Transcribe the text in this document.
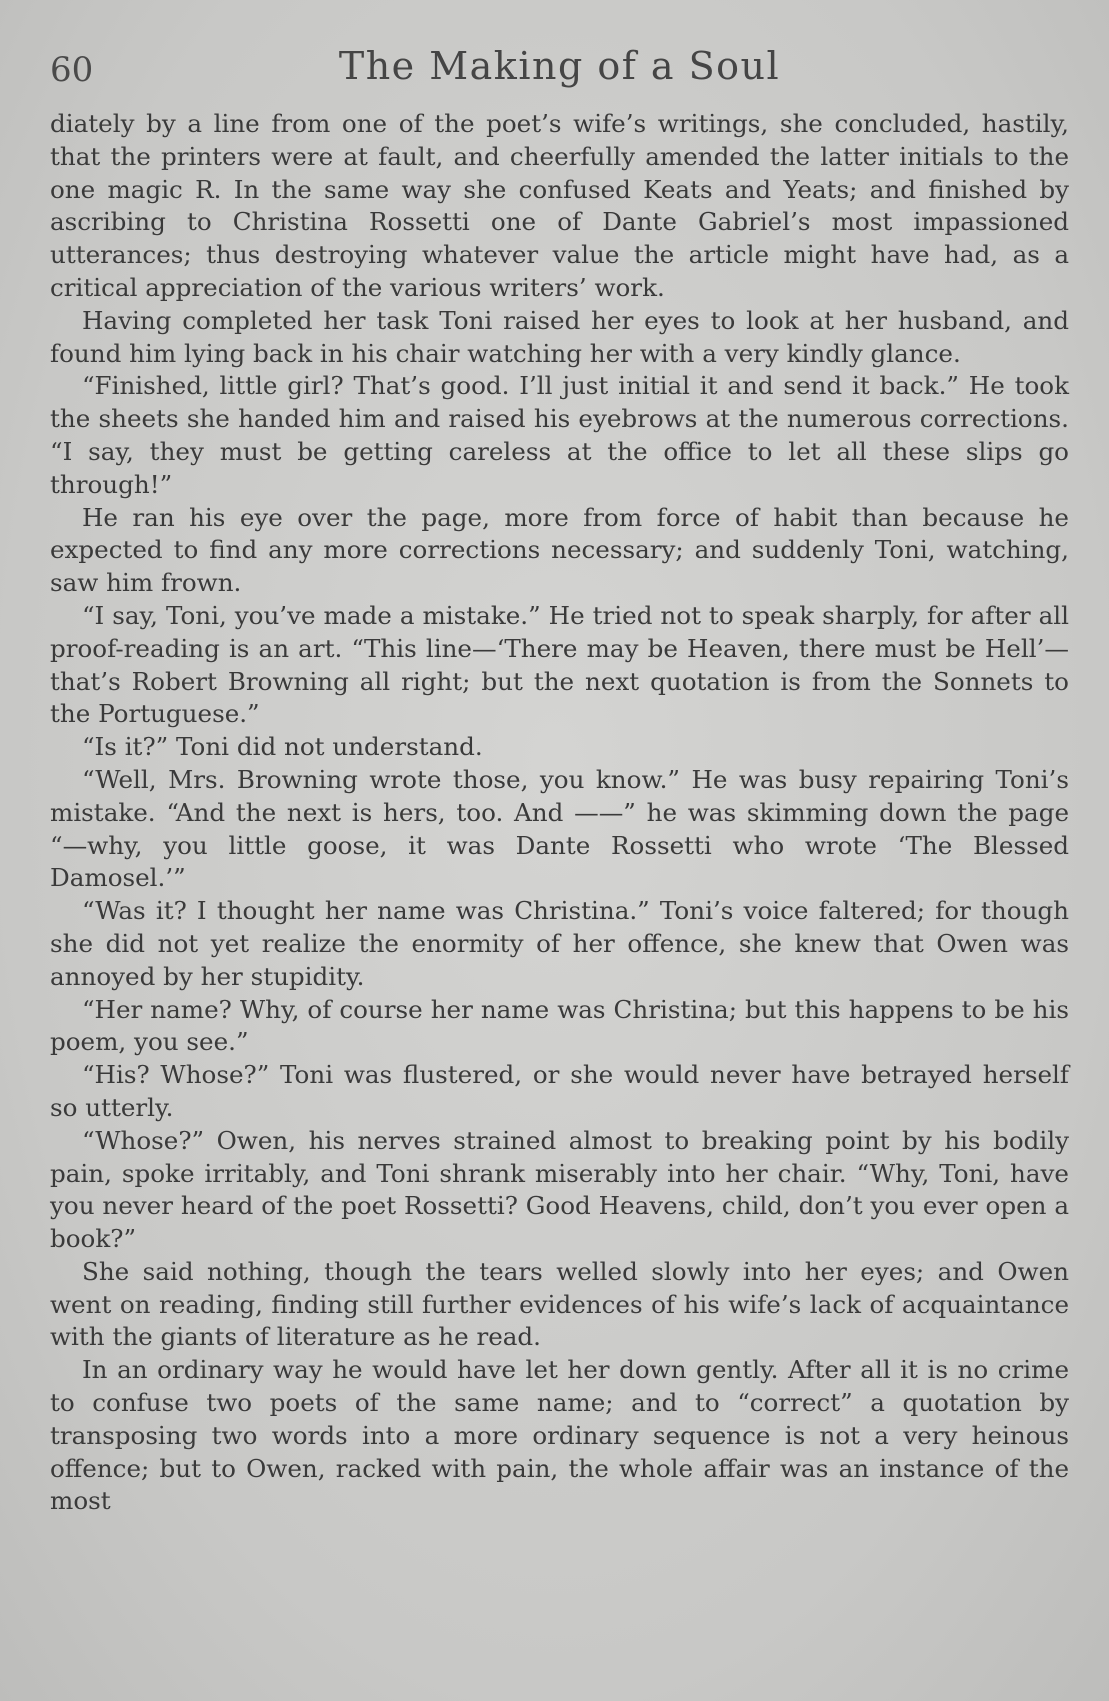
60	The Making of a Soul

diately by a line from one of the poet’s wife’s writings, she concluded, hastily, that the printers were at fault, and cheerfully amended the latter initials to the one magic R. In the same way she confused Keats and Yeats; and finished by ascribing to Christina Rossetti one of Dante Gabriel’s most impassioned utterances; thus destroying whatever value the article might have had, as a critical appreciation of the various writers’ work.

Having completed her task Toni raised her eyes to look at her husband, and found him lying back in his chair watching her with a very kindly glance.

“Finished, little girl? That’s good. I’ll just initial it and send it back.” He took the sheets she handed him and raised his eyebrows at the numerous corrections. “I say, they must be getting careless at the office to let all these slips go through!”

He ran his eye over the page, more from force of habit than because he expected to find any more corrections necessary; and suddenly Toni, watching, saw him frown.

“I say, Toni, you’ve made a mistake.” He tried not to speak sharply, for after all proof-reading is an art. “This line—‘There may be Heaven, there must be Hell’—that’s Robert Browning all right; but the next quotation is from the Sonnets to the Portuguese.”

“Is it?” Toni did not understand.

“Well, Mrs. Browning wrote those, you know.” He was busy repairing Toni’s mistake. “And the next is hers, too. And ——” he was skimming down the page “—why, you little goose, it was Dante Rossetti who wrote ‘The Blessed Damosel.’”

“Was it? I thought her name was Christina.” Toni’s voice faltered; for though she did not yet realize the enormity of her offence, she knew that Owen was annoyed by her stupidity.

“Her name? Why, of course her name was Christina; but this happens to be his poem, you see.”

“His? Whose?” Toni was flustered, or she would never have betrayed herself so utterly.

“Whose?” Owen, his nerves strained almost to breaking point by his bodily pain, spoke irritably, and Toni shrank miserably into her chair. “Why, Toni, have you never heard of the poet Rossetti? Good Heavens, child, don’t you ever open a book?”

She said nothing, though the tears welled slowly into her eyes; and Owen went on reading, finding still further evidences of his wife’s lack of acquaintance with the giants of literature as he read.

In an ordinary way he would have let her down gently. After all it is no crime to confuse two poets of the same name; and to “correct” a quotation by transposing two words into a more ordinary sequence is not a very heinous offence; but to Owen, racked with pain, the whole affair was an instance of the most
